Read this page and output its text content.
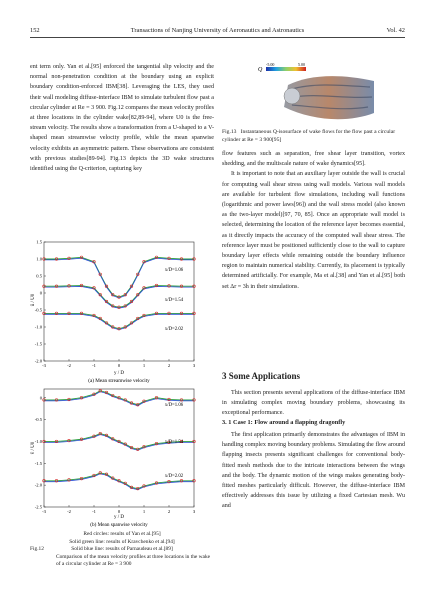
152	Transactions of Nanjing University of Aeronautics and Astronautics	Vol. 42

ent term only. Yan et al.[95] enforced the tangential slip velocity and the normal non-penetration condition at the boundary using an explicit boundary condition-enforced IBM[38]. Leveraging the LES, they used their wall modeling diffuse-interface IBM to simulate turbulent flow past a circular cylinder at Re = 3 900. Fig.12 compares the mean velocity profiles at three locations in the cylinder wake[82,89-94], where U0 is the free-stream velocity. The results show a transformation from a U-shaped to a V-shaped mean streamwise velocity profile, while the mean spanwise velocity exhibits an asymmetric pattern. These observations are consistent with previous studies[89-94]. Fig.13 depicts the 3D wake structures identified using the Q-criterion, capturing key

ū / U0
y / D
(a) Mean streamwise velocity
1.5
1.0
0.5
0
-0.5
-1.0
-1.5
-2.0
-3	-2	-1	0	1	2	3
x/D=1.06
x/D=1.54
x/D=2.02
v̄ / U0
y / D
(b) Mean spanwise velocity
0
-0.5
-1.0
-1.5
-2.0
-2.5
-3	-2	-1	0	1	2	3
x/D=1.06
x/D=1.54
x/D=2.02
Red circles: results of Yan et al.[95]
Solid green line: results of Kravchenko et al.[94]
Solid blue line: results of Parnaudeau et al.[89]
Fig.12
Comparison of the mean velocity profiles at three locations in the wake of a circular cylinder at Re = 3 900
Q
-5.00	5.00
Fig.13 Instantaneous Q-isosurface of wake flows for the flow past a circular cylinder at Re = 3 900[95]

flow features such as separation, free shear layer transition, vortex shedding, and the multiscale nature of wake dynamics[95].

It is important to note that an auxiliary layer outside the wall is crucial for computing wall shear stress using wall models. Various wall models are available for turbulent flow simulations, including wall functions (logarithmic and power laws[96]) and the wall stress model (also known as the two-layer model)[97, 70, 85]. Once an appropriate wall model is selected, determining the location of the reference layer becomes essential, as it directly impacts the accuracy of the computed wall shear stress. The reference layer must be positioned sufficiently close to the wall to capture boundary layer effects while remaining outside the boundary influence region to maintain numerical stability. Currently, its placement is typically determined artificially. For example, Ma et al.[38] and Yan et al.[95] both set Δr = 3h in their simulations.

3 Some Applications
This section presents several applications of the diffuse-interface IBM in simulating complex moving boundary problems, showcasing its exceptional performance.
3. 1 Case 1: Flow around a flapping dragonfly
The first application primarily demonstrates the advantages of IBM in handling complex moving boundary problems. Simulating the flow around flapping insects presents significant challenges for conventional body-fitted mesh methods due to the intricate interactions between the wings and the body. The dynamic motion of the wings makes generating body-fitted meshes particularly difficult. However, the diffuse-interface IBM effectively addresses this issue by utilizing a fixed Cartesian mesh. Wu and
